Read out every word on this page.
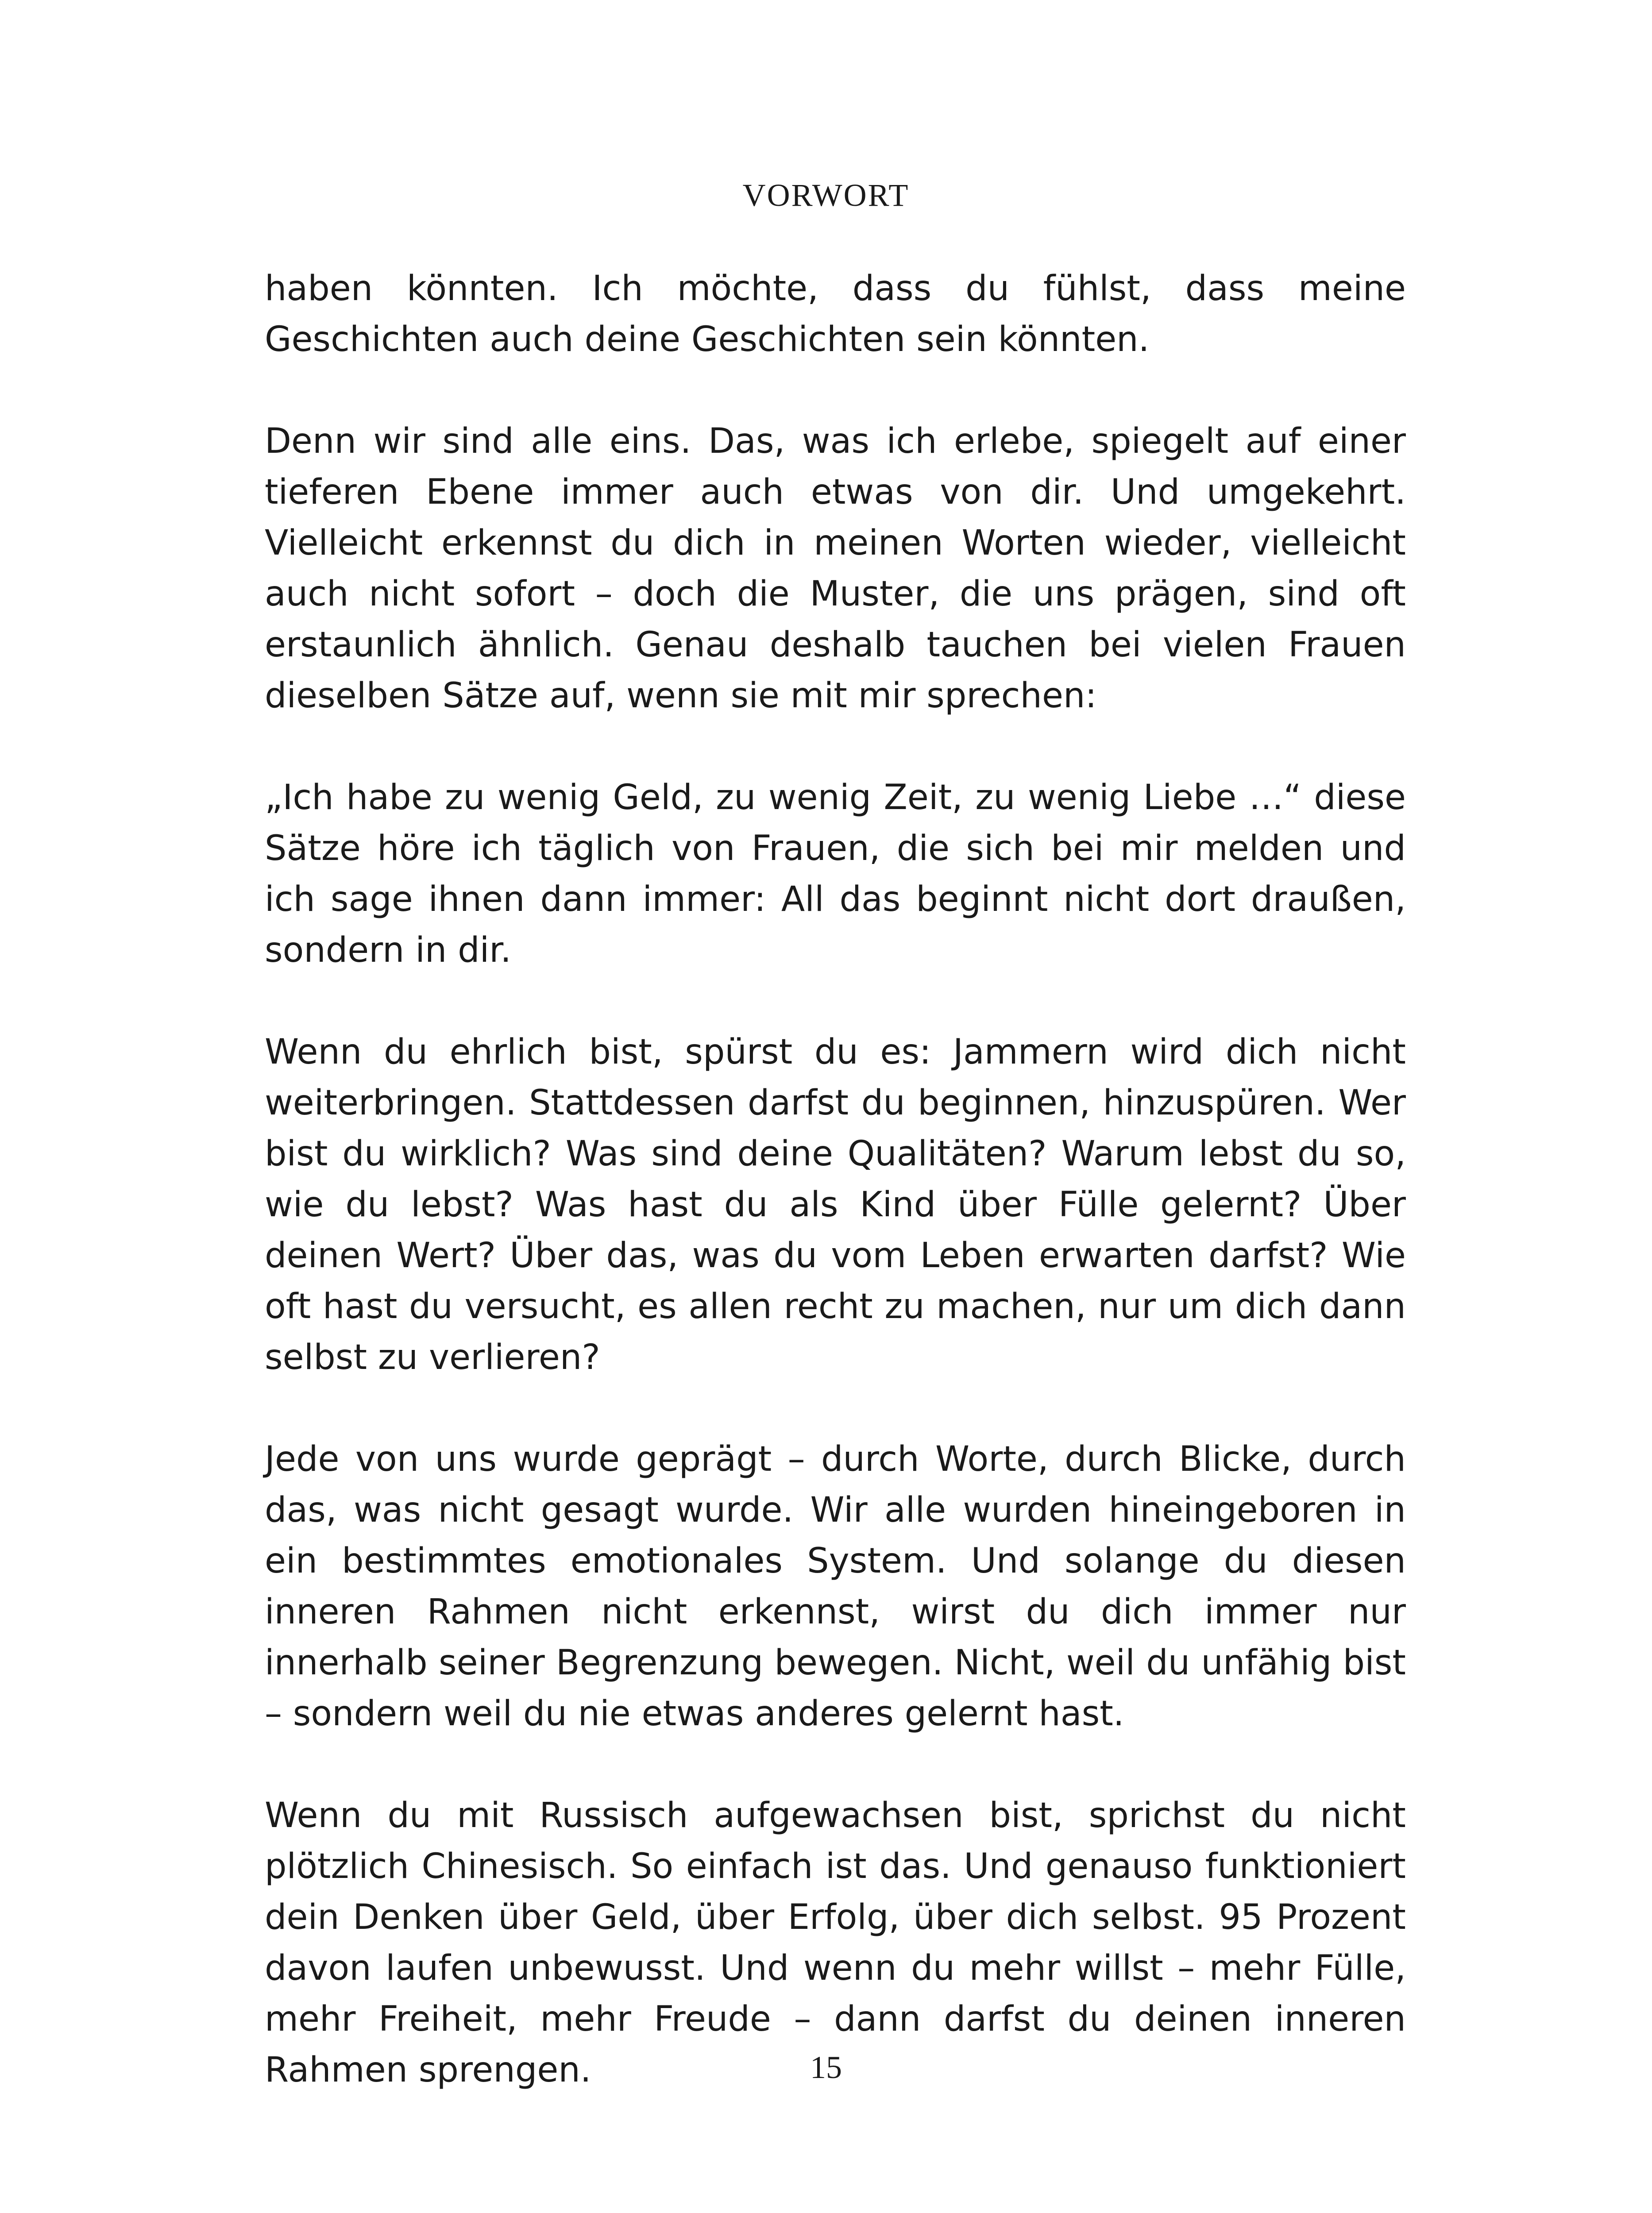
VORWORT

haben könnten. Ich möchte, dass du fühlst, dass meine Geschichten auch deine Geschichten sein könnten.

Denn wir sind alle eins. Das, was ich erlebe, spiegelt auf einer tieferen Ebene immer auch etwas von dir. Und umgekehrt. Vielleicht erkennst du dich in meinen Worten wieder, vielleicht auch nicht sofort – doch die Muster, die uns prägen, sind oft erstaunlich ähnlich. Genau deshalb tauchen bei vielen Frauen dieselben Sätze auf, wenn sie mit mir sprechen:

„Ich habe zu wenig Geld, zu wenig Zeit, zu wenig Liebe …“ diese Sätze höre ich täglich von Frauen, die sich bei mir melden und ich sage ihnen dann immer: All das beginnt nicht dort draußen, sondern in dir.

Wenn du ehrlich bist, spürst du es: Jammern wird dich nicht weiterbringen. Stattdessen darfst du beginnen, hinzuspüren. Wer bist du wirklich? Was sind deine Qualitäten? Warum lebst du so, wie du lebst? Was hast du als Kind über Fülle gelernt? Über deinen Wert? Über das, was du vom Leben erwarten darfst? Wie oft hast du versucht, es allen recht zu machen, nur um dich dann selbst zu verlieren?

Jede von uns wurde geprägt – durch Worte, durch Blicke, durch das, was nicht gesagt wurde. Wir alle wurden hineingeboren in ein bestimmtes emotionales System. Und solange du diesen inneren Rahmen nicht erkennst, wirst du dich immer nur innerhalb seiner Begrenzung bewegen. Nicht, weil du unfähig bist – sondern weil du nie etwas anderes gelernt hast.

Wenn du mit Russisch aufgewachsen bist, sprichst du nicht plötzlich Chinesisch. So einfach ist das. Und genauso funktioniert dein Denken über Geld, über Erfolg, über dich selbst. 95 Prozent davon laufen unbewusst. Und wenn du mehr willst – mehr Fülle, mehr Freiheit, mehr Freude – dann darfst du deinen inneren Rahmen sprengen.	15
